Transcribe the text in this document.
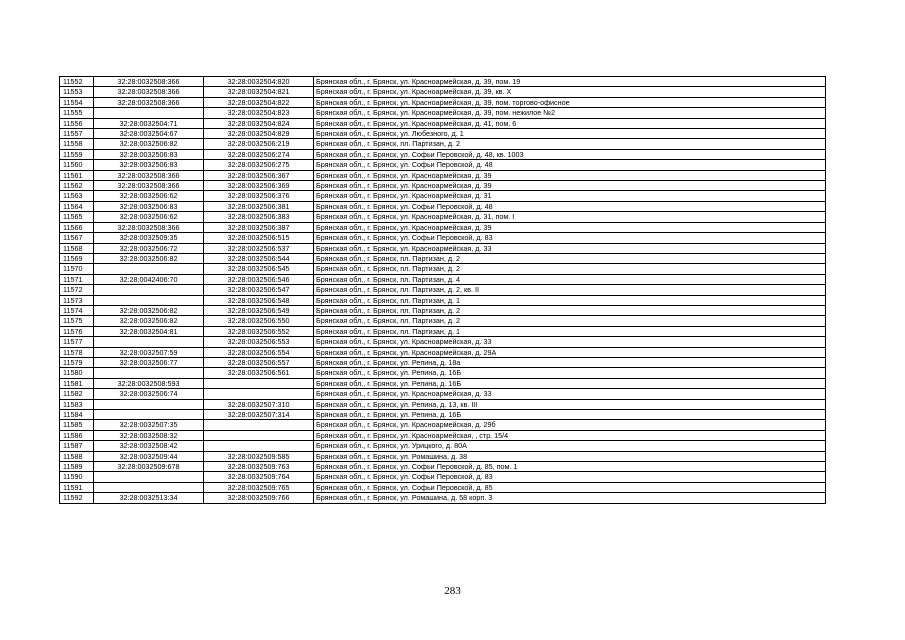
11552	32:28:0032508:366	32:28:0032504:820	Брянская обл., г. Брянск, ул. Красноармейская, д. 39, пом. 19
11553	32:28:0032508:366	32:28:0032504:821	Брянская обл., г. Брянск, ул. Красноармейская, д. 39, кв. Х
11554	32:28:0032508:366	32:28:0032504:822	Брянская обл., г. Брянск, ул. Красноармейская, д. 39, пом. торгово-офисное
11555		32:28:0032504:823	Брянская обл., г. Брянск, ул. Красноармейская, д. 39, пом. нежилое №2
11556	32:28:0032504:71	32:28:0032504:824	Брянская обл., г. Брянск, ул. Красноармейская, д. 41, пом. 6
11557	32:28:0032504:67	32:28:0032504:829	Брянская обл., г. Брянск, ул. Любезного, д. 1
11558	32:28:0032506:82	32:28:0032506:219	Брянская обл., г. Брянск, пл. Партизан, д. 2
11559	32:28:0032506:83	32:28:0032506:274	Брянская обл., г. Брянск, ул. Софьи Перовской, д. 48, кв. 1003
11560	32:28:0032506:83	32:28:0032506:275	Брянская обл., г. Брянск, ул. Софьи Перовской, д. 48
11561	32:28:0032508:366	32:28:0032506:367	Брянская обл., г. Брянск, ул. Красноармейская, д. 39
11562	32:28:0032508:366	32:28:0032506:369	Брянская обл., г. Брянск, ул. Красноармейская, д. 39
11563	32:28:0032506:62	32:28:0032506:376	Брянская обл., г. Брянск, ул. Красноармейская, д. 31
11564	32:28:0032506:83	32:28:0032506:381	Брянская обл., г. Брянск, ул. Софьи Перовской, д. 48
11565	32:28:0032506:62	32:28:0032506:383	Брянская обл., г. Брянск, ул. Красноармейская, д. 31, пом. I
11566	32:28:0032508:366	32:28:0032506:387	Брянская обл., г. Брянск, ул. Красноармейская, д. 39
11567	32:28:0032509:35	32:28:0032506:515	Брянская обл., г. Брянск, ул. Софьи Перовской, д. 83
11568	32:28:0032506:72	32:28:0032506:537	Брянская обл., г. Брянск, ул. Красноармейская, д. 33
11569	32:28:0032506:82	32:28:0032506:544	Брянская обл., г. Брянск, пл. Партизан, д. 2
11570		32:28:0032506:545	Брянская обл., г. Брянск, пл. Партизан, д. 2
11571	32:28:0042406:70	32:28:0032506:546	Брянская обл., г. Брянск, пл. Партизан, д. 4
11572		32:28:0032506:547	Брянская обл., г. Брянск, пл. Партизан, д. 2, кв. II
11573		32:28:0032506:548	Брянская обл., г. Брянск, пл. Партизан, д. 1
11574	32:28:0032506:82	32:28:0032506:549	Брянская обл., г. Брянск, пл. Партизан, д. 2
11575	32:28:0032506:82	32:28:0032506:550	Брянская обл., г. Брянск, пл. Партизан, д. 2
11576	32:28:0032504:81	32:28:0032506:552	Брянская обл., г. Брянск, пл. Партизан, д. 1
11577		32:28:0032506:553	Брянская обл., г. Брянск, ул. Красноармейская, д. 33
11578	32:28:0032507:59	32:28:0032506:554	Брянская обл., г. Брянск, ул. Красноармейская, д. 29А
11579	32:28:0032506:77	32:28:0032506:557	Брянская обл., г. Брянск, ул. Репина, д. 18а
11580		32:28:0032506:561	Брянская обл., г. Брянск, ул. Репина, д. 16Б
11581	32:28:0032508:593		Брянская обл., г. Брянск, ул. Репина, д. 16Б
11582	32:28:0032506:74		Брянская обл., г. Брянск, ул. Красноармейская, д. 33
11583		32:28:0032507:310	Брянская обл., г. Брянск, ул. Репина, д. 13, кв. III
11584		32:28:0032507:314	Брянская обл., г. Брянск, ул. Репина, д. 16Б
11585	32:28:0032507:35		Брянская обл., г. Брянск, ул. Красноармейская, д. 29б
11586	32:28:0032508:32		Брянская обл., г. Брянск, ул. Красноармейская, , стр. 15/4
11587	32:28:0032508:42		Брянская обл., г. Брянск, ул. Урицкого, д. 80А
11588	32:28:0032509:44	32:28:0032509:585	Брянская обл., г. Брянск, ул. Ромашина, д. 38
11589	32:28:0032509:678	32:28:0032509:763	Брянская обл., г. Брянск, ул. Софьи Перовской, д. 85, пом. 1
11590		32:28:0032509:764	Брянская обл., г. Брянск, ул. Софьи Перовской, д. 83
11591		32:28:0032509:765	Брянская обл., г. Брянск, ул. Софьи Перовской, д. 85
11592	32:28:0032513:34	32:28:0032509:766	Брянская обл., г. Брянск, ул. Ромашина, д. 58 корп. 3
283
